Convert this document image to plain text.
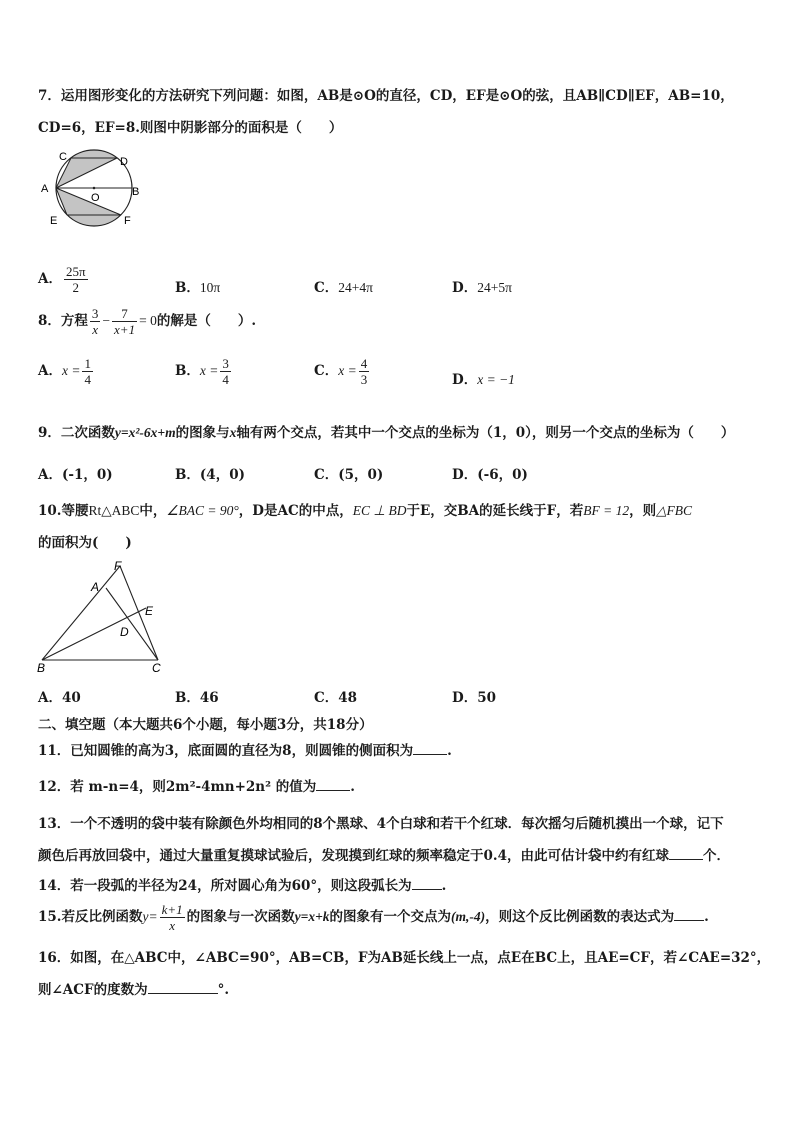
7．运用图形变化的方法研究下列问题：如图，AB是⊙O的直径，CD，EF是⊙O的弦，且AB∥CD∥EF，AB=10，
CD=6，EF=8.则图中阴影部分的面积是（　　）
C	D
A	B
O
E	F
A． $\frac{25\pi}{2}$	B．10π	C．24+4π	D．24+5π
8．方程 $\frac{3}{x} - \frac{7}{x+1} = 0$的解是（　　）.
A．$x = \frac{1}{4}$	B．$x = \frac{3}{4}$	C．$x = \frac{4}{3}$	D．x = −1
9．二次函数y=x²-6x+m的图象与x轴有两个交点，若其中一个交点的坐标为（1，0），则另一个交点的坐标为（　　）
A．(-1，0)	B．(4，0)	C．(5，0)	D．(-6，0)
10.等腰Rt△ABC中，∠BAC = 90°，D是AC的中点，EC ⊥ BD于E，交BA的延长线于F，若BF = 12，则△FBC
的面积为(　　)
F
A
E
D
B	C
A．40	B．46	C．48	D．50
二、填空题（本大题共6个小题，每小题3分，共18分）
11．已知圆锥的高为3，底面圆的直径为8，则圆锥的侧面积为	.
12．若 m-n=4，则2m²-4mn+2n² 的值为	.
13．一个不透明的袋中装有除颜色外均相同的8个黑球、4个白球和若干个红球．每次摇匀后随机摸出一个球，记下
颜色后再放回袋中，通过大量重复摸球试验后，发现摸到红球的频率稳定于0.4，由此可估计袋中约有红球	个．
14．若一段弧的半径为24，所对圆心角为60°，则这段弧长为 .
15.若反比例函数$y= \frac{k+1}{x}$ 的图象与一次函数y=x+k的图象有一个交点为(m,-4)，则这个反比例函数的表达式为 .
16．如图，在△ABC中，∠ABC=90°，AB=CB，F为AB延长线上一点，点E在BC上，且AE=CF，若∠CAE=32°，
则∠ACF的度数为	°.
